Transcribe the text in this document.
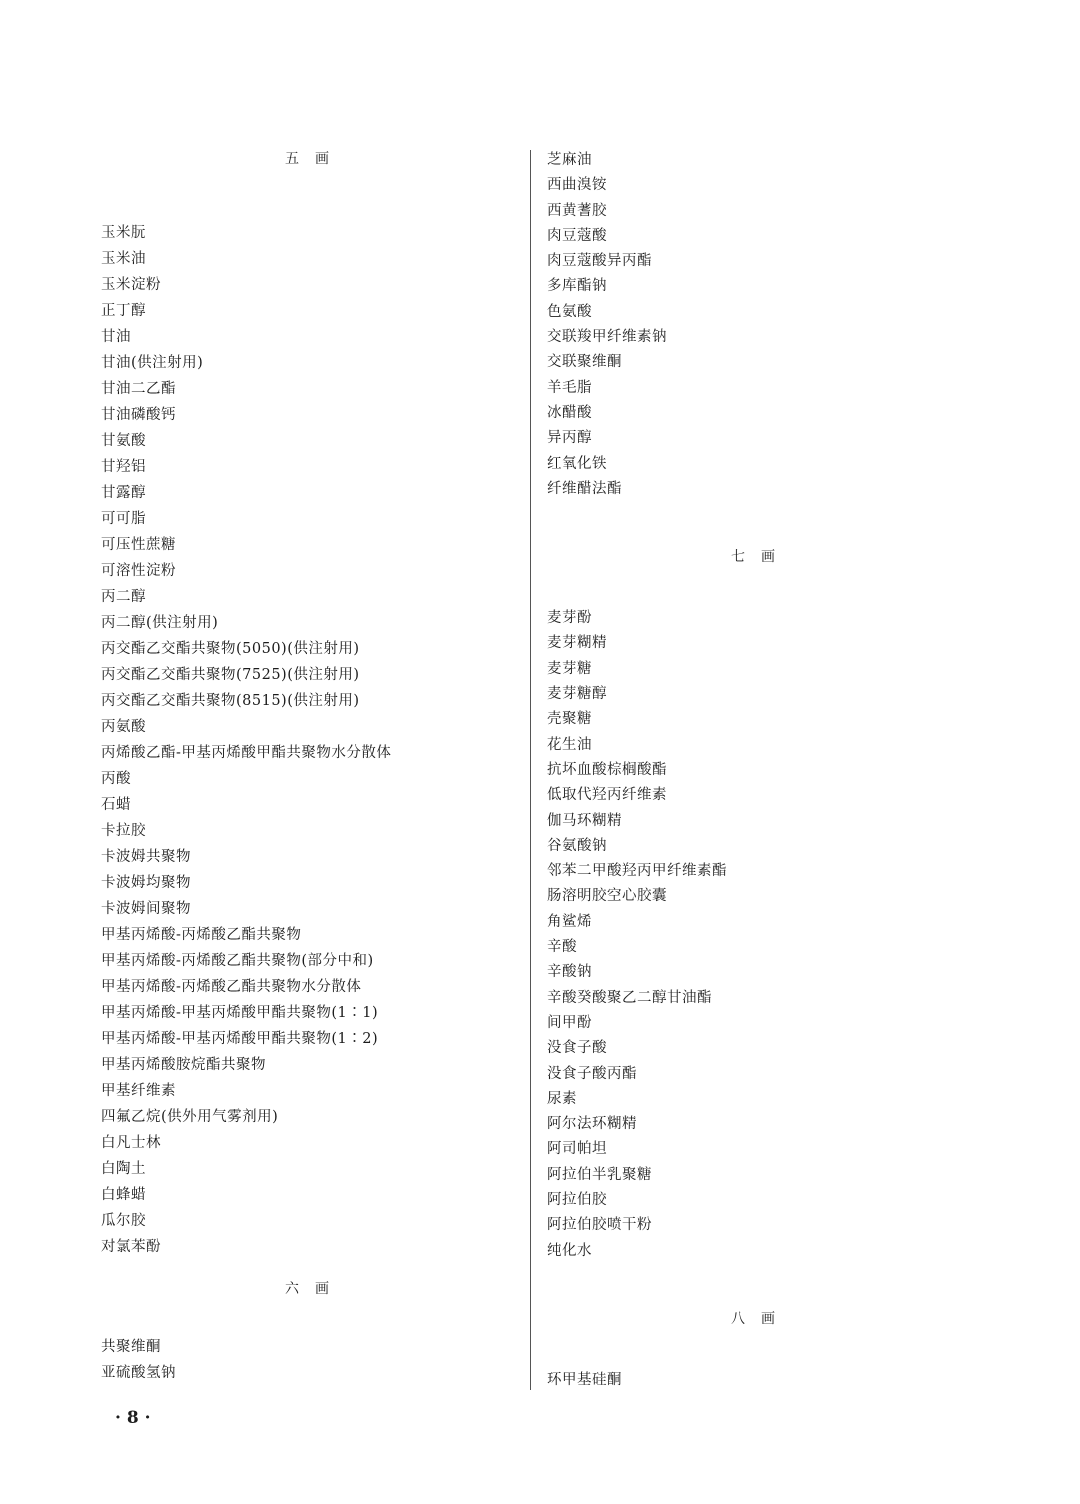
五　画
玉米朊
玉米油
玉米淀粉
正丁醇
甘油
甘油(供注射用)
甘油二乙酯
甘油磷酸钙
甘氨酸
甘羟铝
甘露醇
可可脂
可压性蔗糖
可溶性淀粉
丙二醇
丙二醇(供注射用)
丙交酯乙交酯共聚物(5050)(供注射用)
丙交酯乙交酯共聚物(7525)(供注射用)
丙交酯乙交酯共聚物(8515)(供注射用)
丙氨酸
丙烯酸乙酯-甲基丙烯酸甲酯共聚物水分散体
丙酸
石蜡
卡拉胶
卡波姆共聚物
卡波姆均聚物
卡波姆间聚物
甲基丙烯酸-丙烯酸乙酯共聚物
甲基丙烯酸-丙烯酸乙酯共聚物(部分中和)
甲基丙烯酸-丙烯酸乙酯共聚物水分散体
甲基丙烯酸-甲基丙烯酸甲酯共聚物(1∶1)
甲基丙烯酸-甲基丙烯酸甲酯共聚物(1∶2)
甲基丙烯酸胺烷酯共聚物
甲基纤维素
四氟乙烷(供外用气雾剂用)
白凡士林
白陶土
白蜂蜡
瓜尔胶
对氯苯酚
六　画
共聚维酮
亚硫酸氢钠
芝麻油
西曲溴铵
西黄蓍胶
肉豆蔻酸
肉豆蔻酸异丙酯
多库酯钠
色氨酸
交联羧甲纤维素钠
交联聚维酮
羊毛脂
冰醋酸
异丙醇
红氧化铁
纤维醋法酯
七　画
麦芽酚
麦芽糊精
麦芽糖
麦芽糖醇
壳聚糖
花生油
抗坏血酸棕榈酸酯
低取代羟丙纤维素
伽马环糊精
谷氨酸钠
邻苯二甲酸羟丙甲纤维素酯
肠溶明胶空心胶囊
角鲨烯
辛酸
辛酸钠
辛酸癸酸聚乙二醇甘油酯
间甲酚
没食子酸
没食子酸丙酯
尿素
阿尔法环糊精
阿司帕坦
阿拉伯半乳聚糖
阿拉伯胶
阿拉伯胶喷干粉
纯化水
八　画
环甲基硅酮
· 8 ·
